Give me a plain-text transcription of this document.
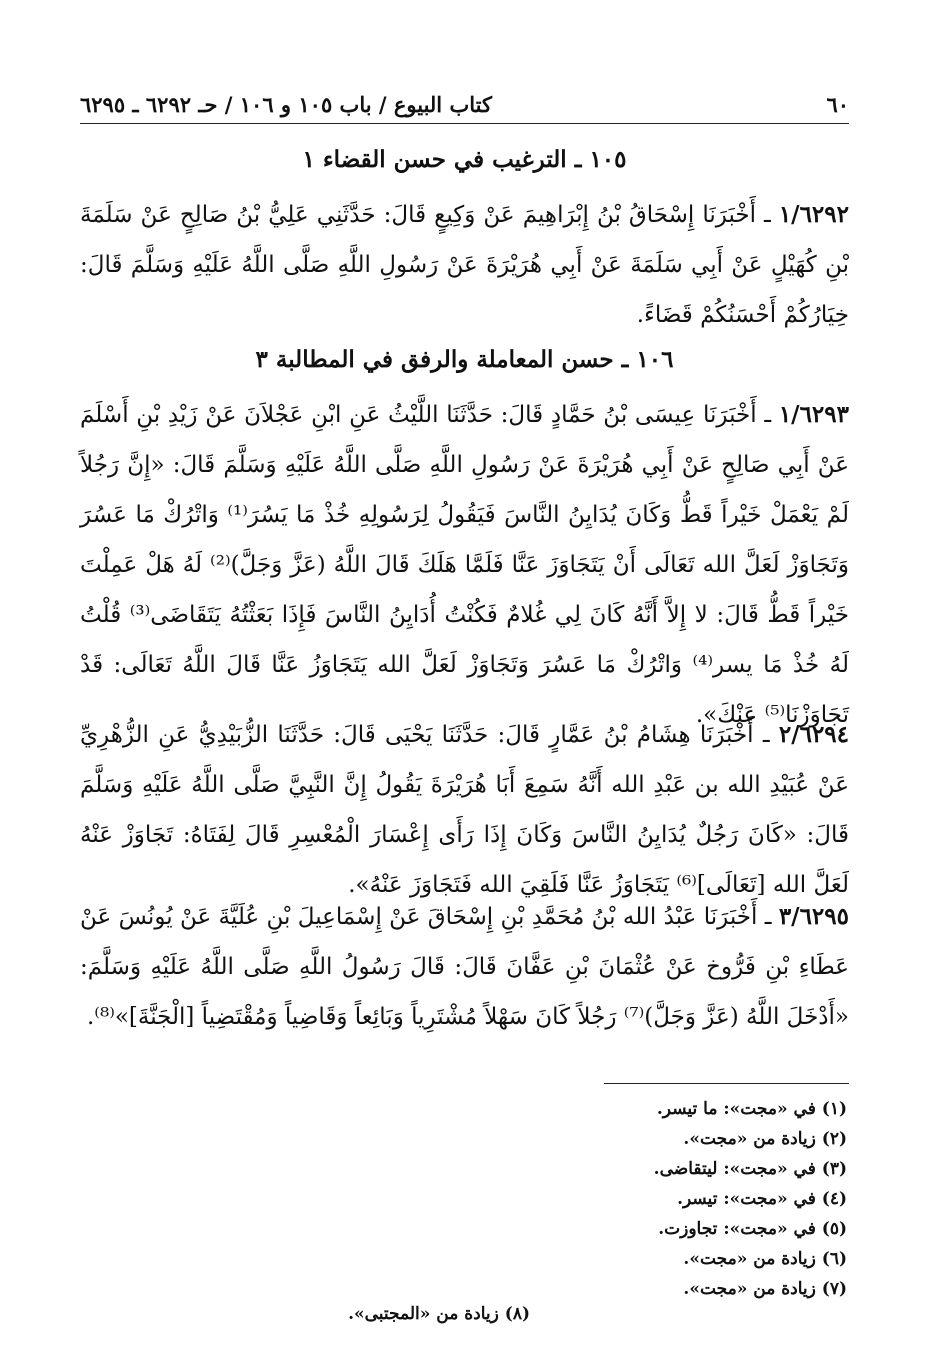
٦٠
كتاب البيوع / باب ١٠٥ و ١٠٦ / حـ ٦٢٩٢ ـ ٦٢٩٥
١٠٥ ـ الترغيب في حسن القضاء ١
١/٦٢٩٢ ـ أَخْبَرَنَا إِسْحَاقُ بْنُ إِبْرَاهِيمَ عَنْ وَكِيعٍ قَالَ: حَدَّثَنِي عَلِيُّ بْنُ صَالِحٍ عَنْ سَلَمَةَ بْنِ كُهَيْلٍ عَنْ أَبِي سَلَمَةَ عَنْ أَبِي هُرَيْرَةَ عَنْ رَسُولِ اللَّهِ صَلَّى اللَّهُ عَلَيْهِ وَسَلَّمَ قَالَ: خِيَارُكُمْ أَحْسَنُكُمْ قَضَاءً.
١٠٦ ـ حسن المعاملة والرفق في المطالبة ٣
١/٦٢٩٣ ـ أَخْبَرَنَا عِيسَى بْنُ حَمَّادٍ قَالَ: حَدَّثَنَا اللَّيْثُ عَنِ ابْنِ عَجْلاَنَ عَنْ زَيْدِ بْنِ أَسْلَمَ عَنْ أَبِي صَالِحٍ عَنْ أَبِي هُرَيْرَةَ عَنْ رَسُولِ اللَّهِ صَلَّى اللَّهُ عَلَيْهِ وَسَلَّمَ قَالَ: «إِنَّ رَجُلاً لَمْ يَعْمَلْ خَيْراً قَطُّ وَكَانَ يُدَايِنُ النَّاسَ فَيَقُولُ لِرَسُولِهِ خُذْ مَا يَسُرَ⁽¹⁾ وَاتْرُكْ مَا عَسُرَ وَتَجَاوَزْ لَعَلَّ الله تَعَالَى أَنْ يَتَجَاوَزَ عَنَّا فَلَمَّا هَلَكَ قَالَ اللَّهُ (عَزَّ وَجَلَّ)⁽²⁾ لَهُ هَلْ عَمِلْتَ خَيْراً قَطُّ قَالَ: لا إِلاَّ أَنَّهُ كَانَ لِي غُلامٌ فَكُنْتُ أُدَايِنُ النَّاسَ فَإِذَا بَعَثْتُهُ يَتَقَاضَى⁽³⁾ قُلْتُ لَهُ خُذْ مَا يسر⁽⁴⁾ وَاتْرُكْ مَا عَسُرَ وَتَجَاوَزْ لَعَلَّ الله يَتَجَاوَزُ عَنَّا قَالَ اللَّهُ تَعَالَى: قَدْ تَجَاوَزْنَا⁽⁵⁾ عَنْكَ».
٢/٦٢٩٤ ـ أَخْبَرَنَا هِشَامُ بْنُ عَمَّارٍ قَالَ: حَدَّثَنَا يَحْيَى قَالَ: حَدَّثَنَا الزُّبَيْدِيُّ عَنِ الزُّهْرِيِّ عَنْ عُبَيْدِ الله بن عَبْدِ الله أَنَّهُ سَمِعَ أَبَا هُرَيْرَةَ يَقُولُ إِنَّ النَّبِيَّ صَلَّى اللَّهُ عَلَيْهِ وَسَلَّمَ قَالَ: «كَانَ رَجُلٌ يُدَايِنُ النَّاسَ وَكَانَ إِذَا رَأَى إِعْسَارَ الْمُعْسِرِ قَالَ لِفَتَاهُ: تَجَاوَزْ عَنْهُ لَعَلَّ الله [تَعَالَى]⁽⁶⁾ يَتَجَاوَزُ عَنَّا فَلَقِيَ الله فَتَجَاوَزَ عَنْهُ».
٣/٦٢٩٥ ـ أَخْبَرَنَا عَبْدُ الله بْنُ مُحَمَّدِ بْنِ إِسْحَاقَ عَنْ إِسْمَاعِيلَ بْنِ عُلَيَّةَ عَنْ يُونُسَ عَنْ عَطَاءِ بْنِ فَرُّوخ عَنْ عُثْمَانَ بْنِ عَفَّانَ قَالَ: قَالَ رَسُولُ اللَّهِ صَلَّى اللَّهُ عَلَيْهِ وَسَلَّمَ: «أَدْخَلَ اللَّهُ (عَزَّ وَجَلَّ)⁽⁷⁾ رَجُلاً كَانَ سَهْلاً مُشْتَرِياً وَبَائِعاً وَقَاضِياً وَمُقْتَضِياً [الْجَنَّةَ]»⁽⁸⁾.
(١) في «مجت»: ما تيسر.
(٢) زيادة من «مجت».
(٣) في «مجت»: ليتقاضى.
(٤) في «مجت»: تيسر.
(٥) في «مجت»: تجاوزت.
(٦) زيادة من «مجت».
(٧) زيادة من «مجت».
(٨) زيادة من «المجتبى».
